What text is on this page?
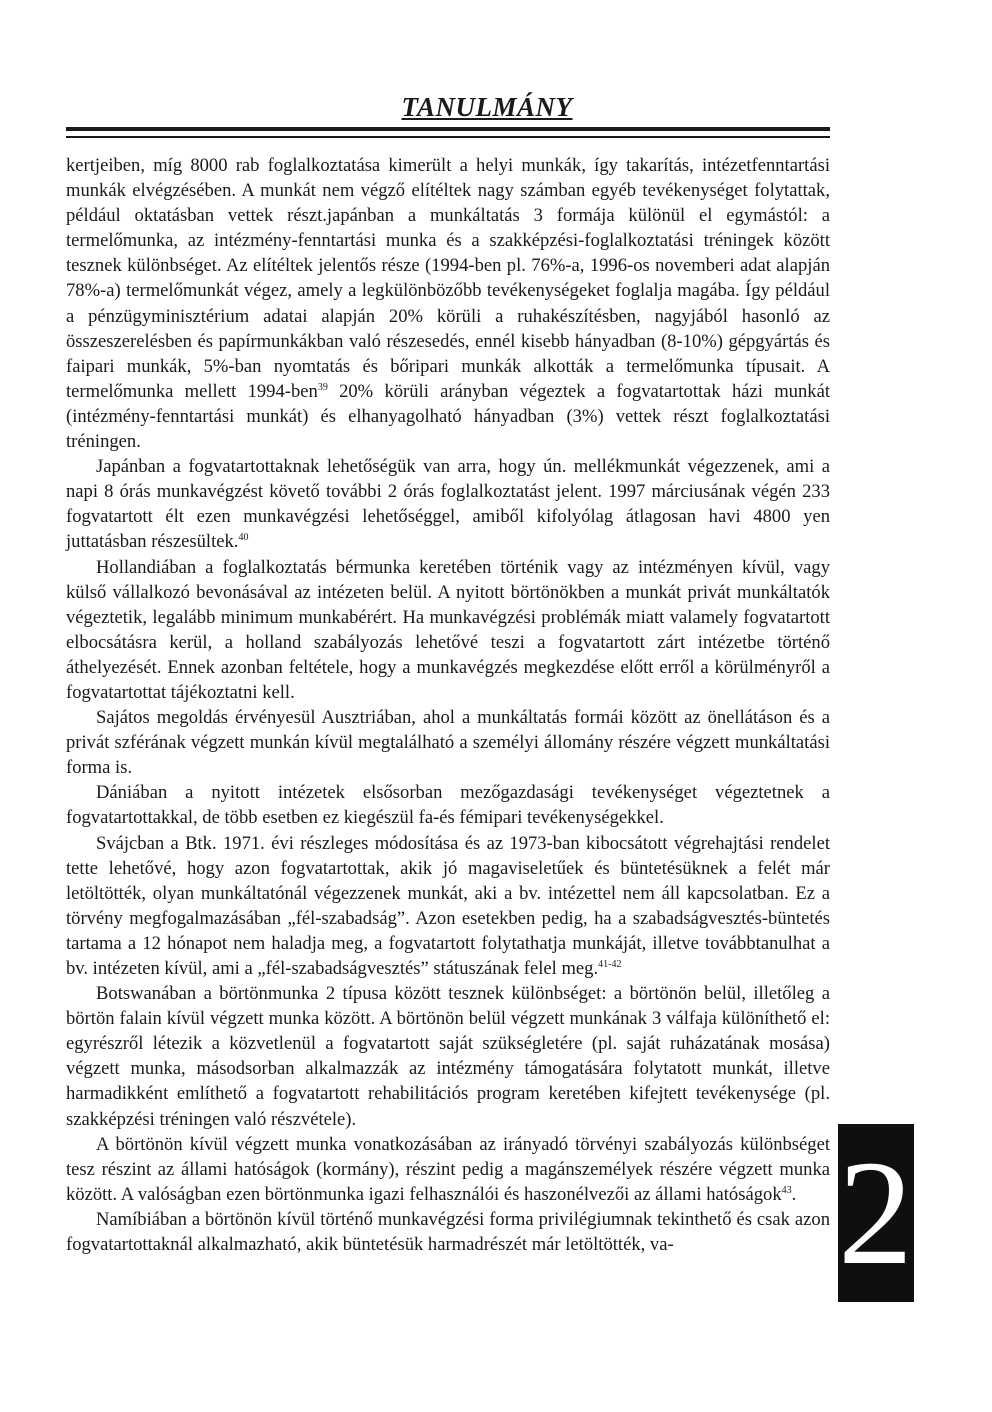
TANULMÁNY

kertjeiben, míg 8000 rab foglalkoztatása kimerült a helyi munkák, így takarítás, intézetfenntartási munkák elvégzésében. A munkát nem végző elítéltek nagy számban egyéb tevékenységet folytattak, például oktatásban vettek részt.japánban a munkáltatás 3 formája különül el egymástól: a termelőmunka, az intézmény-fenntartási munka és a szakképzési-foglalkoztatási tréningek között tesznek különbséget. Az elítéltek jelentős része (1994-ben pl. 76%-a, 1996-os novemberi adat alapján 78%-a) termelőmunkát végez, amely a legkülönbözőbb tevékenységeket foglalja magába. Így például a pénzügyminisztérium adatai alapján 20% körüli a ruhakészítésben, nagyjából hasonló az összeszerelésben és papírmunkákban való részesedés, ennél kisebb hányadban (8-10%) gépgyártás és faipari munkák, 5%-ban nyomtatás és bőripari munkák alkották a termelőmunka típusait. A termelőmunka mellett 1994-ben$^{39}$ 20% körüli arányban végeztek a fogvatartottak házi munkát (intézmény-fenntartási munkát) és elhanyagolható hányadban (3%) vettek részt foglalkoztatási tréningen.

Japánban a fogvatartottaknak lehetőségük van arra, hogy ún. mellékmunkát végezzenek, ami a napi 8 órás munkavégzést követő további 2 órás foglalkoztatást jelent. 1997 márciusának végén 233 fogvatartott élt ezen munkavégzési lehetőséggel, amiből kifolyólag átlagosan havi 4800 yen juttatásban részesültek.$^{40}$

Hollandiában a foglalkoztatás bérmunka keretében történik vagy az intézményen kívül, vagy külső vállalkozó bevonásával az intézeten belül. A nyitott börtönökben a munkát privát munkáltatók végeztetik, legalább minimum munkabérért. Ha munkavégzési problémák miatt valamely fogvatartott elbocsátásra kerül, a holland szabályozás lehetővé teszi a fogvatartott zárt intézetbe történő áthelyezését. Ennek azonban feltétele, hogy a munkavégzés megkezdése előtt erről a körülményről a fogvatartottat tájékoztatni kell.

Sajátos megoldás érvényesül Ausztriában, ahol a munkáltatás formái között az önellátáson és a privát szférának végzett munkán kívül megtalálható a személyi állomány részére végzett munkáltatási forma is.

Dániában a nyitott intézetek elsősorban mezőgazdasági tevékenységet végeztetnek a fogvatartottakkal, de több esetben ez kiegészül fa-és fémipari tevékenységekkel.

Svájcban a Btk. 1971. évi részleges módosítása és az 1973-ban kibocsátott végrehajtási rendelet tette lehetővé, hogy azon fogvatartottak, akik jó magaviseletűek és büntetésüknek a felét már letöltötték, olyan munkáltatónál végezzenek munkát, aki a bv. intézettel nem áll kapcsolatban. Ez a törvény megfogalmazásában „fél-szabadság”. Azon esetekben pedig, ha a szabadságvesztés-büntetés tartama a 12 hónapot nem haladja meg, a fogvatartott folytathatja munkáját, illetve továbbtanulhat a bv. intézeten kívül, ami a „fél-szabadságvesztés” státuszának felel meg.$^{41-42}$

Botswanában a börtönmunka 2 típusa között tesznek különbséget: a börtönön belül, illetőleg a börtön falain kívül végzett munka között. A börtönön belül végzett munkának 3 válfaja különíthető el: egyrészről létezik a közvetlenül a fogvatartott saját szükségletére (pl. saját ruházatának mosása) végzett munka, másodsorban alkalmazzák az intézmény támogatására folytatott munkát, illetve harmadikként említhető a fogvatartott rehabilitációs program keretében kifejtett tevékenysége (pl. szakképzési tréningen való részvétele).

A börtönön kívül végzett munka vonatkozásában az irányadó törvényi szabályozás különbséget tesz részint az állami hatóságok (kormány), részint pedig a magánszemélyek részére végzett munka között. A valóságban ezen börtönmunka igazi felhasználói és haszonélvezői az állami hatóságok$^{43}$.

Namíbiában a börtönön kívül történő munkavégzési forma privilégiumnak tekinthető és csak azon fogvatartottaknál alkalmazható, akik büntetésük harmadrészét már letöltötték, va-	21
